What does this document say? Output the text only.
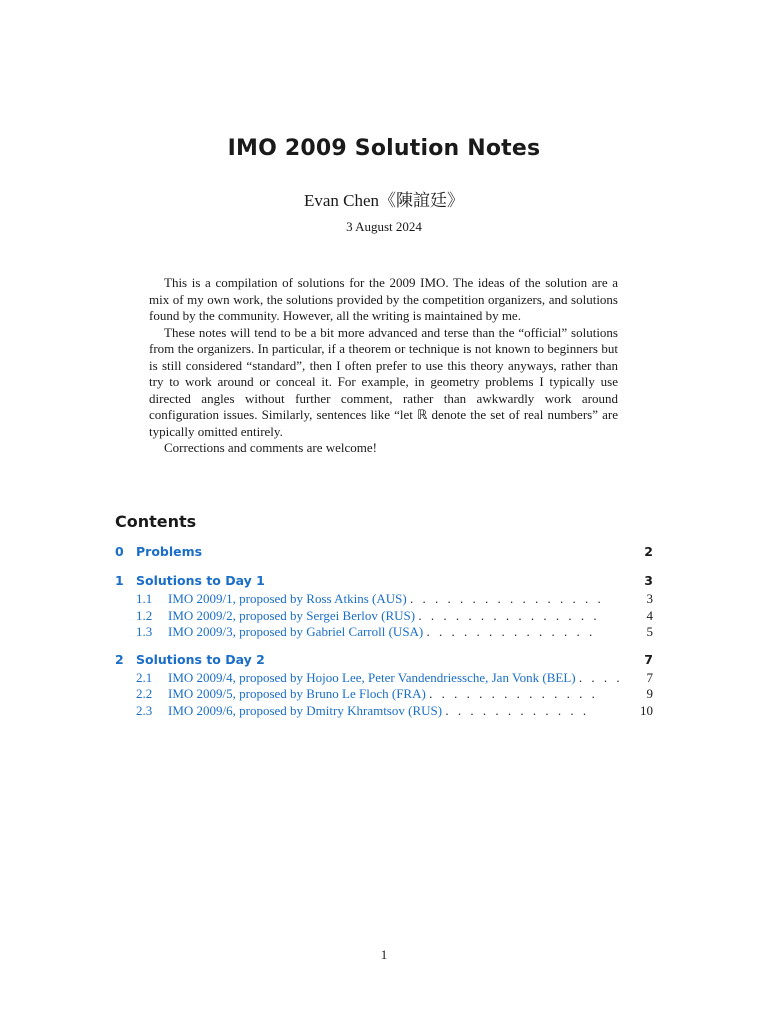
IMO 2009 Solution Notes
Evan Chen《陳誼廷》
3 August 2024

This is a compilation of solutions for the 2009 IMO. The ideas of the solution are a mix of my own work, the solutions provided by the competition organizers, and solutions found by the community. However, all the writing is maintained by me.

These notes will tend to be a bit more advanced and terse than the “official” solutions from the organizers. In particular, if a theorem or technique is not known to beginners but is still considered “standard”, then I often prefer to use this theory anyways, rather than try to work around or conceal it. For example, in geometry problems I typically use directed angles without further comment, rather than awkwardly work around configuration issues. Similarly, sentences like “let ℝ denote the set of real numbers” are typically omitted entirely.

Corrections and comments are welcome!

Contents
0 Problems	2
1 Solutions to Day 1	3
1.1 IMO 2009/1, proposed by Ross Atkins (AUS) . . . . . . . . . . . . . . . .	3
1.2 IMO 2009/2, proposed by Sergei Berlov (RUS) . . . . . . . . . . . . . . .	4
1.3 IMO 2009/3, proposed by Gabriel Carroll (USA) . . . . . . . . . . . . . .	5
2 Solutions to Day 2	7
2.1 IMO 2009/4, proposed by Hojoo Lee, Peter Vandendriessche, Jan Vonk (BEL) . . . . 7
2.2 IMO 2009/5, proposed by Bruno Le Floch (FRA) . . . . . . . . . . . . . .	9
2.3 IMO 2009/6, proposed by Dmitry Khramtsov (RUS) . . . . . . . . . . . .	10
1
